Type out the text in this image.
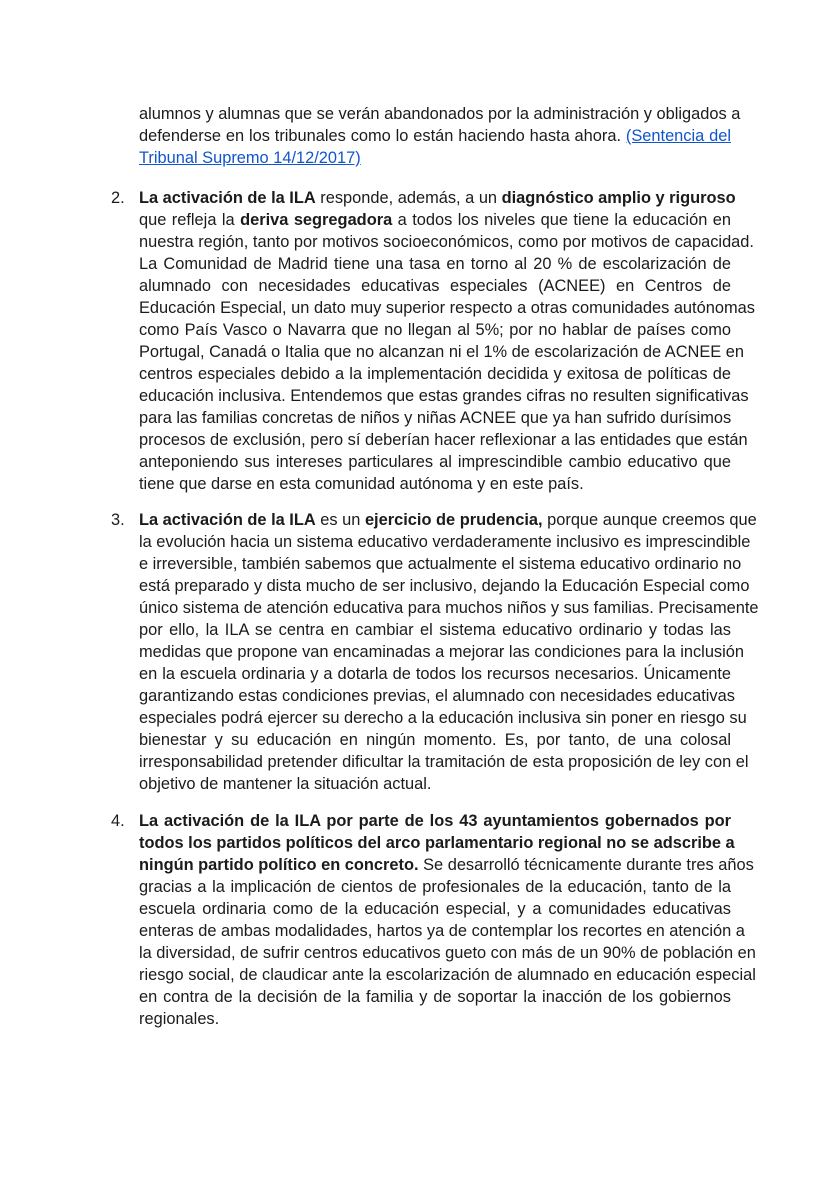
alumnos y alumnas que se verán abandonados por la administración y obligados a
defenderse en los tribunales como lo están haciendo hasta ahora. (Sentencia del
Tribunal Supremo 14/12/2017)
2. La activación de la ILA responde, además, a un diagnóstico amplio y riguroso
que refleja la deriva segregadora a todos los niveles que tiene la educación en
nuestra región, tanto por motivos socioeconómicos, como por motivos de capacidad.
La Comunidad de Madrid tiene una tasa en torno al 20 % de escolarización de
alumnado con necesidades educativas especiales (ACNEE) en Centros de
Educación Especial, un dato muy superior respecto a otras comunidades autónomas
como País Vasco o Navarra que no llegan al 5%; por no hablar de países como
Portugal, Canadá o Italia que no alcanzan ni el 1% de escolarización de ACNEE en
centros especiales debido a la implementación decidida y exitosa de políticas de
educación inclusiva. Entendemos que estas grandes cifras no resulten significativas
para las familias concretas de niños y niñas ACNEE que ya han sufrido durísimos
procesos de exclusión, pero sí deberían hacer reflexionar a las entidades que están
anteponiendo sus intereses particulares al imprescindible cambio educativo que
tiene que darse en esta comunidad autónoma y en este país.
3. La activación de la ILA es un ejercicio de prudencia, porque aunque creemos que
la evolución hacia un sistema educativo verdaderamente inclusivo es imprescindible
e irreversible, también sabemos que actualmente el sistema educativo ordinario no
está preparado y dista mucho de ser inclusivo, dejando la Educación Especial como
único sistema de atención educativa para muchos niños y sus familias. Precisamente
por ello, la ILA se centra en cambiar el sistema educativo ordinario y todas las
medidas que propone van encaminadas a mejorar las condiciones para la inclusión
en la escuela ordinaria y a dotarla de todos los recursos necesarios. Únicamente
garantizando estas condiciones previas, el alumnado con necesidades educativas
especiales podrá ejercer su derecho a la educación inclusiva sin poner en riesgo su
bienestar y su educación en ningún momento. Es, por tanto, de una colosal
irresponsabilidad pretender dificultar la tramitación de esta proposición de ley con el
objetivo de mantener la situación actual.
4. La activación de la ILA por parte de los 43 ayuntamientos gobernados por
todos los partidos políticos del arco parlamentario regional no se adscribe a
ningún partido político en concreto. Se desarrolló técnicamente durante tres años
gracias a la implicación de cientos de profesionales de la educación, tanto de la
escuela ordinaria como de la educación especial, y a comunidades educativas
enteras de ambas modalidades, hartos ya de contemplar los recortes en atención a
la diversidad, de sufrir centros educativos gueto con más de un 90% de población en
riesgo social, de claudicar ante la escolarización de alumnado en educación especial
en contra de la decisión de la familia y de soportar la inacción de los gobiernos
regionales.
